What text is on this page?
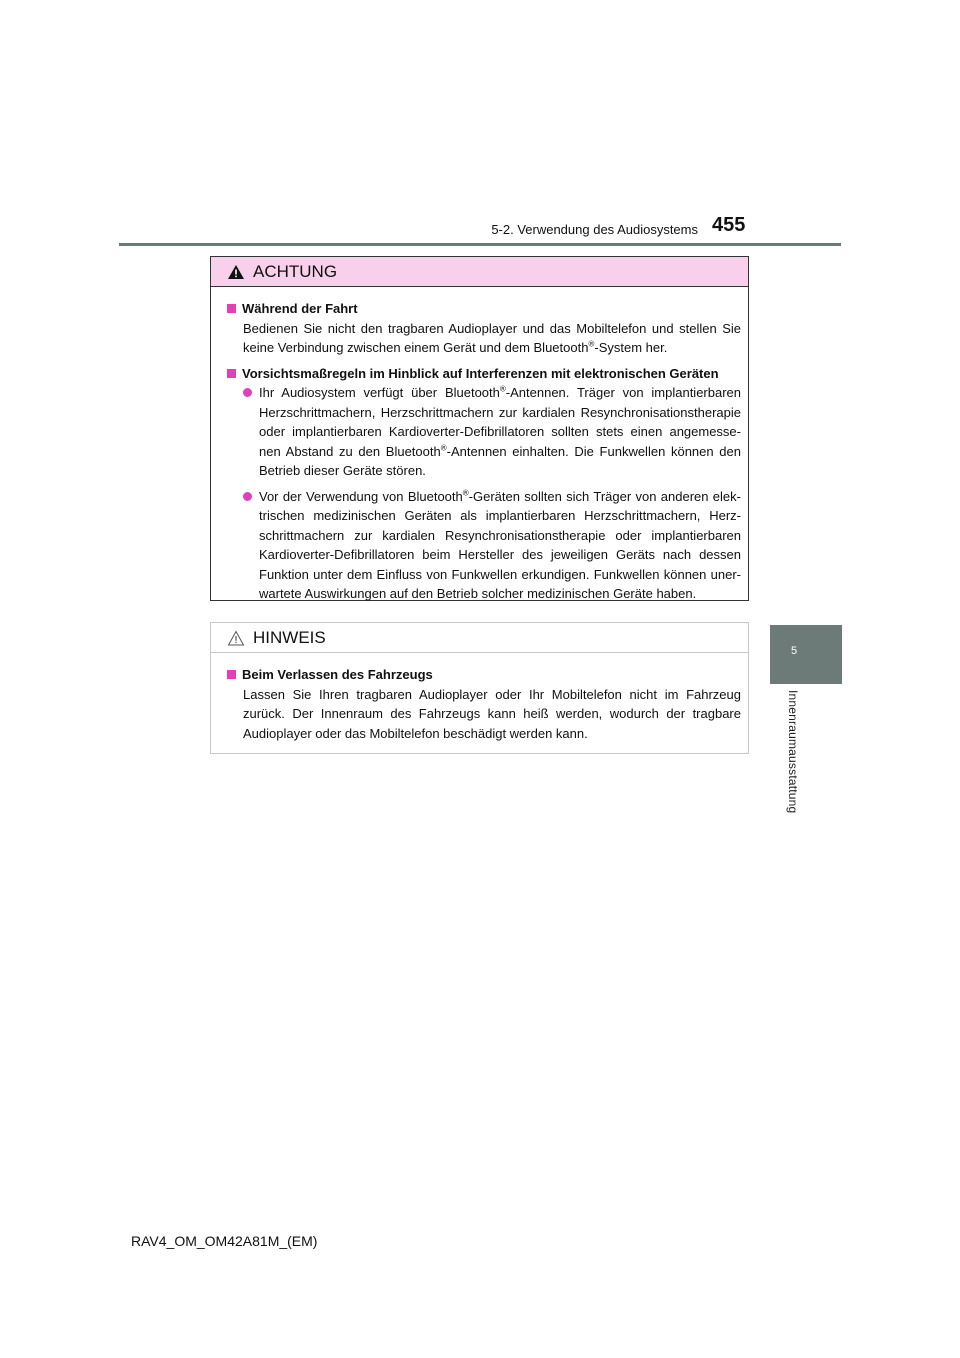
5-2. Verwendung des Audiosystems 455
5
Innenraumausstattung
ACHTUNG
Während der Fahrt
Bedienen Sie nicht den tragbaren Audioplayer und das Mobiltelefon und stellen Sie keine Verbindung zwischen einem Gerät und dem Bluetooth®-System her.
Vorsichtsmaßregeln im Hinblick auf Interferenzen mit elektronischen Geräten
Ihr Audiosystem verfügt über Bluetooth®-Antennen. Träger von implantierbaren Herzschrittmachern, Herzschrittmachern zur kardialen Resynchronisationstherapie oder implantierbaren Kardioverter-Defibrillatoren sollten stets einen angemesse-nen Abstand zu den Bluetooth®-Antennen einhalten. Die Funkwellen können den Betrieb dieser Geräte stören.
Vor der Verwendung von Bluetooth®-Geräten sollten sich Träger von anderen elek-trischen medizinischen Geräten als implantierbaren Herzschrittmachern, Herz-schrittmachern zur kardialen Resynchronisationstherapie oder implantierbaren Kardioverter-Defibrillatoren beim Hersteller des jeweiligen Geräts nach dessen Funktion unter dem Einfluss von Funkwellen erkundigen. Funkwellen können uner-wartete Auswirkungen auf den Betrieb solcher medizinischen Geräte haben.
HINWEIS
Beim Verlassen des Fahrzeugs
Lassen Sie Ihren tragbaren Audioplayer oder Ihr Mobiltelefon nicht im Fahrzeug zurück. Der Innenraum des Fahrzeugs kann heiß werden, wodurch der tragbare Audioplayer oder das Mobiltelefon beschädigt werden kann.
RAV4_OM_OM42A81M_(EM)
